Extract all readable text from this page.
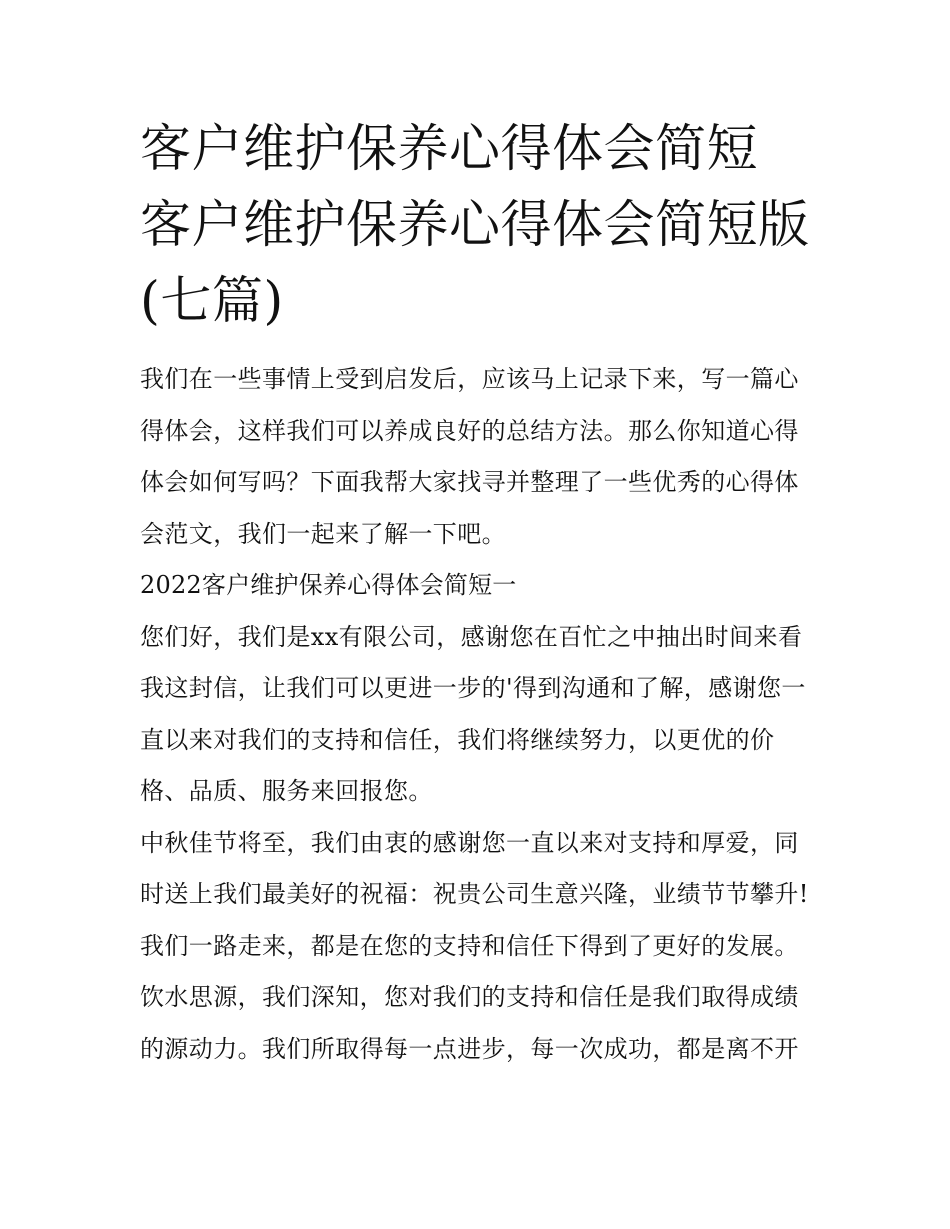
客户维护保养心得体会简短 客户维护保养心得体会简短版(七篇)

我们在一些事情上受到启发后，应该马上记录下来，写一篇心得体会，这样我们可以养成良好的总结方法。那么你知道心得体会如何写吗？下面我帮大家找寻并整理了一些优秀的心得体会范文，我们一起来了解一下吧。

2022客户维护保养心得体会简短一

您们好，我们是xx有限公司，感谢您在百忙之中抽出时间来看我这封信，让我们可以更进一步的'得到沟通和了解，感谢您一直以来对我们的支持和信任，我们将继续努力，以更优的价格、品质、服务来回报您。

中秋佳节将至，我们由衷的感谢您一直以来对支持和厚爱，同时送上我们最美好的祝福：祝贵公司生意兴隆，业绩节节攀升!

我们一路走来，都是在您的支持和信任下得到了更好的发展。饮水思源，我们深知，您对我们的支持和信任是我们取得成绩的源动力。我们所取得每一点进步，每一次成功，都是离不开
